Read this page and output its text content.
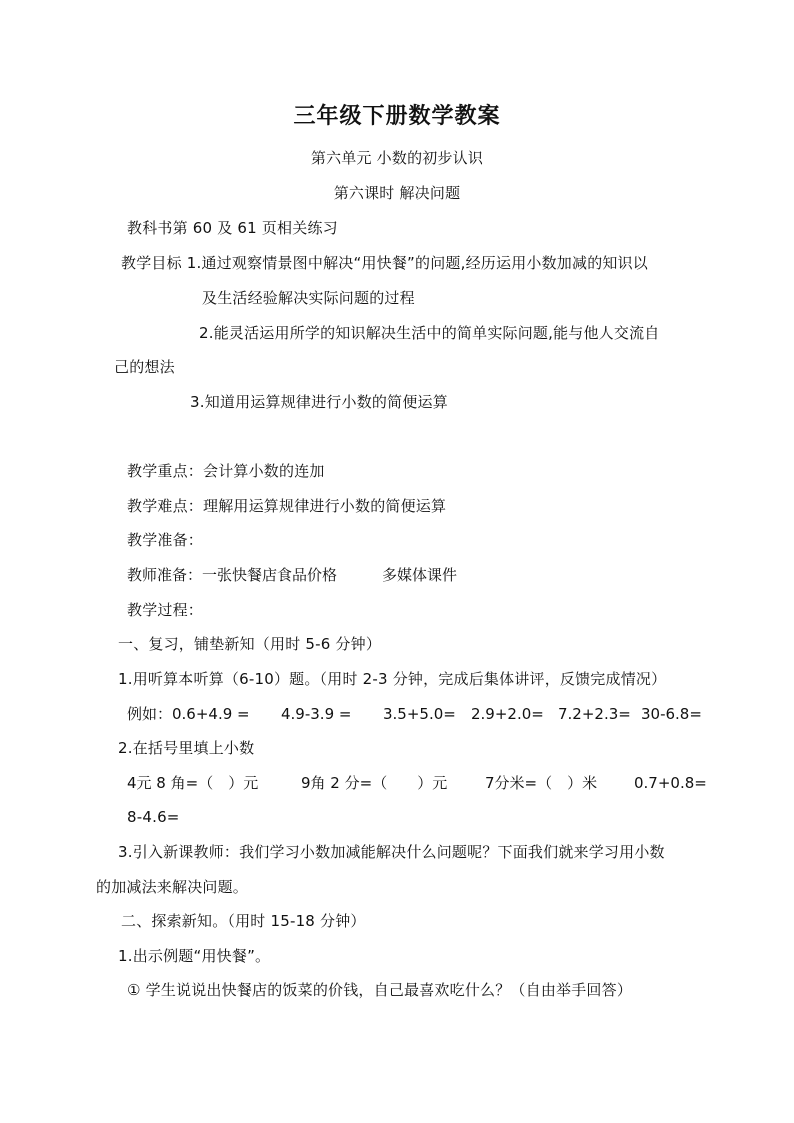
三年级下册数学教案
第六单元 小数的初步认识
第六课时 解决问题
教科书第 60 及 61 页相关练习
教学目标 1.通过观察情景图中解决“用快餐”的问题,经历运用小数加减的知识以
及生活经验解决实际问题的过程
2.能灵活运用所学的知识解决生活中的简单实际问题,能与他人交流自
己的想法
3.知道用运算规律进行小数的简便运算
教学重点：会计算小数的连加
教学难点：理解用运算规律进行小数的简便运算
教学准备：
教师准备：一张快餐店食品价格	多媒体课件
教学过程：
一、复习，铺垫新知（用时 5-6 分钟）
1.用听算本听算（6-10）题。（用时 2-3 分钟，完成后集体讲评，反馈完成情况）
例如：0.6+4.9 = 4.9-3.9 = 3.5+5.0= 2.9+2.0= 7.2+2.3= 30-6.8=
2.在括号里填上小数
4元 8 角=（　）元	9角 2 分=（　　）元	7分米=（　）米 0.7+0.8=
8-4.6=
3.引入新课教师：我们学习小数加减能解决什么问题呢？下面我们就来学习用小数
的加减法来解决问题。
二、探索新知。（用时 15-18 分钟）
1.出示例题“用快餐”。
① 学生说说出快餐店的饭菜的价钱，自己最喜欢吃什么？（自由举手回答）
